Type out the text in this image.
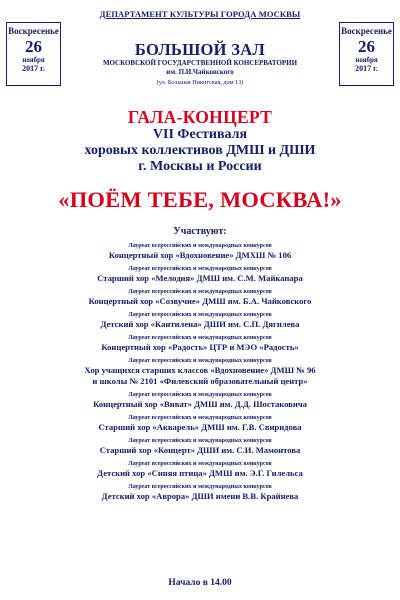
ДЕПАРТАМЕНТ КУЛЬТУРЫ ГОРОДА МОСКВЫ
Воскресенье
26
ноября
2017 г.
Воскресенье
26
ноября
2017 г.
БОЛЬШОЙ ЗАЛ
МОСКОВСКОЙ ГОСУДАРСТВЕННОЙ КОНСЕРВАТОРИИ
им. П.И.Чайковского
(ул. Большая Никитская, дом 13)
ГАЛА-КОНЦЕРТ
VII Фестиваля
хоровых коллективов ДМШ и ДШИ
г. Москвы и России
«ПОЁМ ТЕБЕ, МОСКВА!»
Участвуют:
Лауреат всероссийских и международных конкурсов
Концертный хор «Вдохновение» ДМХШ № 106
Лауреат всероссийских и международных конкурсов
Старший хор «Мелодия» ДМШ им. С.М. Майкапара
Лауреат всероссийских и международных конкурсов
Концертный хор «Созвучие» ДМШ им. Б.А. Чайковского
Лауреат всероссийских и международных конкурсов
Детский хор «Кантилена» ДШИ им. С.П. Дягилева
Лауреат всероссийских и международных конкурсов
Концертный хор «Радость» ЦТР и МЭО «Радость»
Лауреат всероссийских и международных конкурсов
Хор учащихся старших классов «Вдохновение» ДМШ № 96
и школы № 2101 «Филевский образовательный центр»
Лауреат всероссийских и международных конкурсов
Концертный хор «Виват» ДМШ им. Д.Д. Шостаковича
Лауреат всероссийских и международных конкурсов
Старший хор «Акварель» ДМШ им. Г.В. Свиридова
Лауреат всероссийских и международных конкурсов
Старший хор «Концерт» ДШИ им. С.И. Мамонтова
Лауреат всероссийских и международных конкурсов
Детский хор «Синяя птица» ДМШ им. Э.Г. Гилельса
Лауреат всероссийских и международных конкурсов
Детский хор «Аврора» ДШИ имени В.В. Крайнева
Начало в 14.00
